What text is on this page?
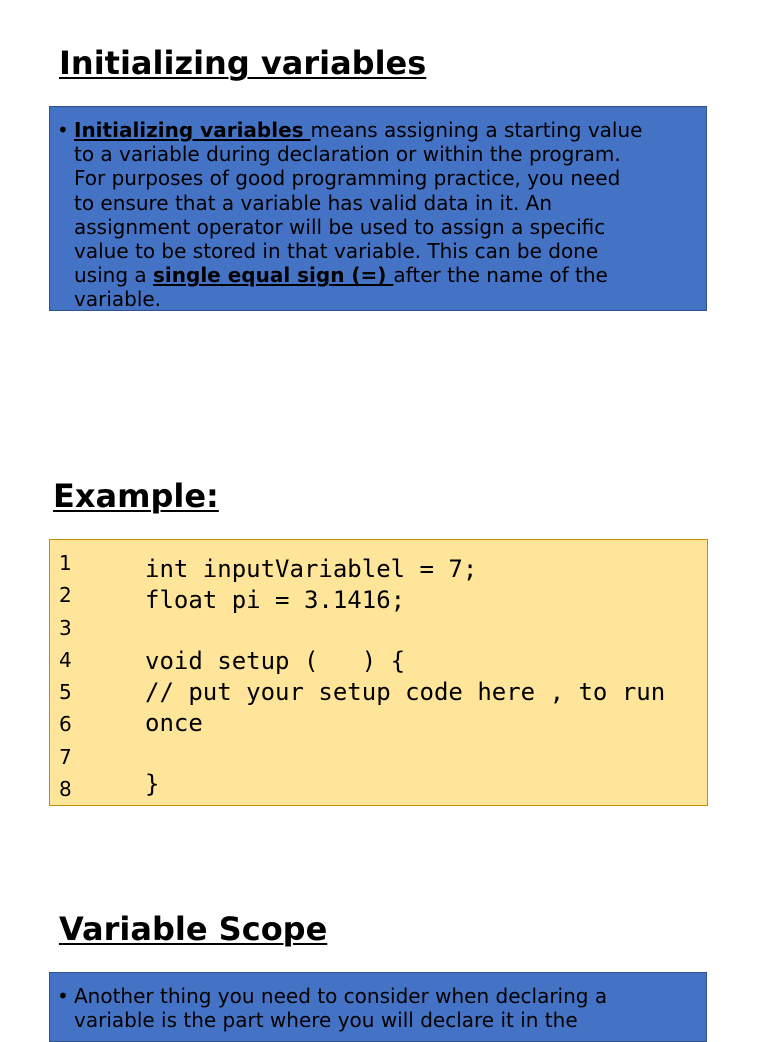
Initializing variables
• Initializing variables means assigning a starting value
to a variable during declaration or within the program.
For purposes of good programming practice, you need
to ensure that a variable has valid data in it. An
assignment operator will be used to assign a specific
value to be stored in that variable. This can be done
using a single equal sign (=) after the name of the
variable.
Example:
1
2
3
4
5
6
7
8
int inputVariablel = 7;
float pi = 3.1416;
void setup (   ) {
// put your setup code here , to run
once
}
Variable Scope
• Another thing you need to consider when declaring a
variable is the part where you will declare it in the
